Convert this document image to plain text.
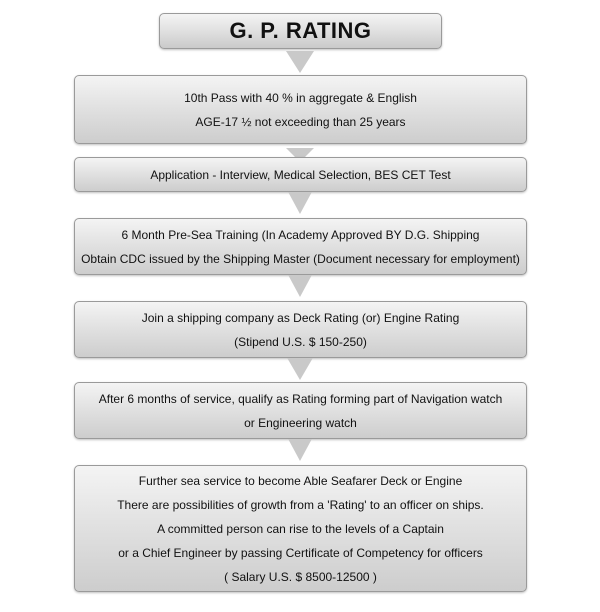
G. P. RATING
10th Pass with 40 % in aggregate & English
AGE-17 ½ not exceeding than 25 years
Application - Interview, Medical Selection, BES CET Test
6 Month Pre-Sea Training (In Academy Approved BY D.G. Shipping
Obtain CDC issued by the Shipping Master (Document necessary for employment)
Join a shipping company as Deck Rating (or) Engine Rating
(Stipend U.S. $ 150-250)
After 6 months of service, qualify as Rating forming part of Navigation watch
or Engineering watch
Further sea service to become Able Seafarer Deck or Engine
There are possibilities of growth from a 'Rating' to an officer on ships.
A committed person can rise to the levels of a Captain
or a Chief Engineer by passing Certificate of Competency for officers
( Salary U.S. $ 8500-12500 )
